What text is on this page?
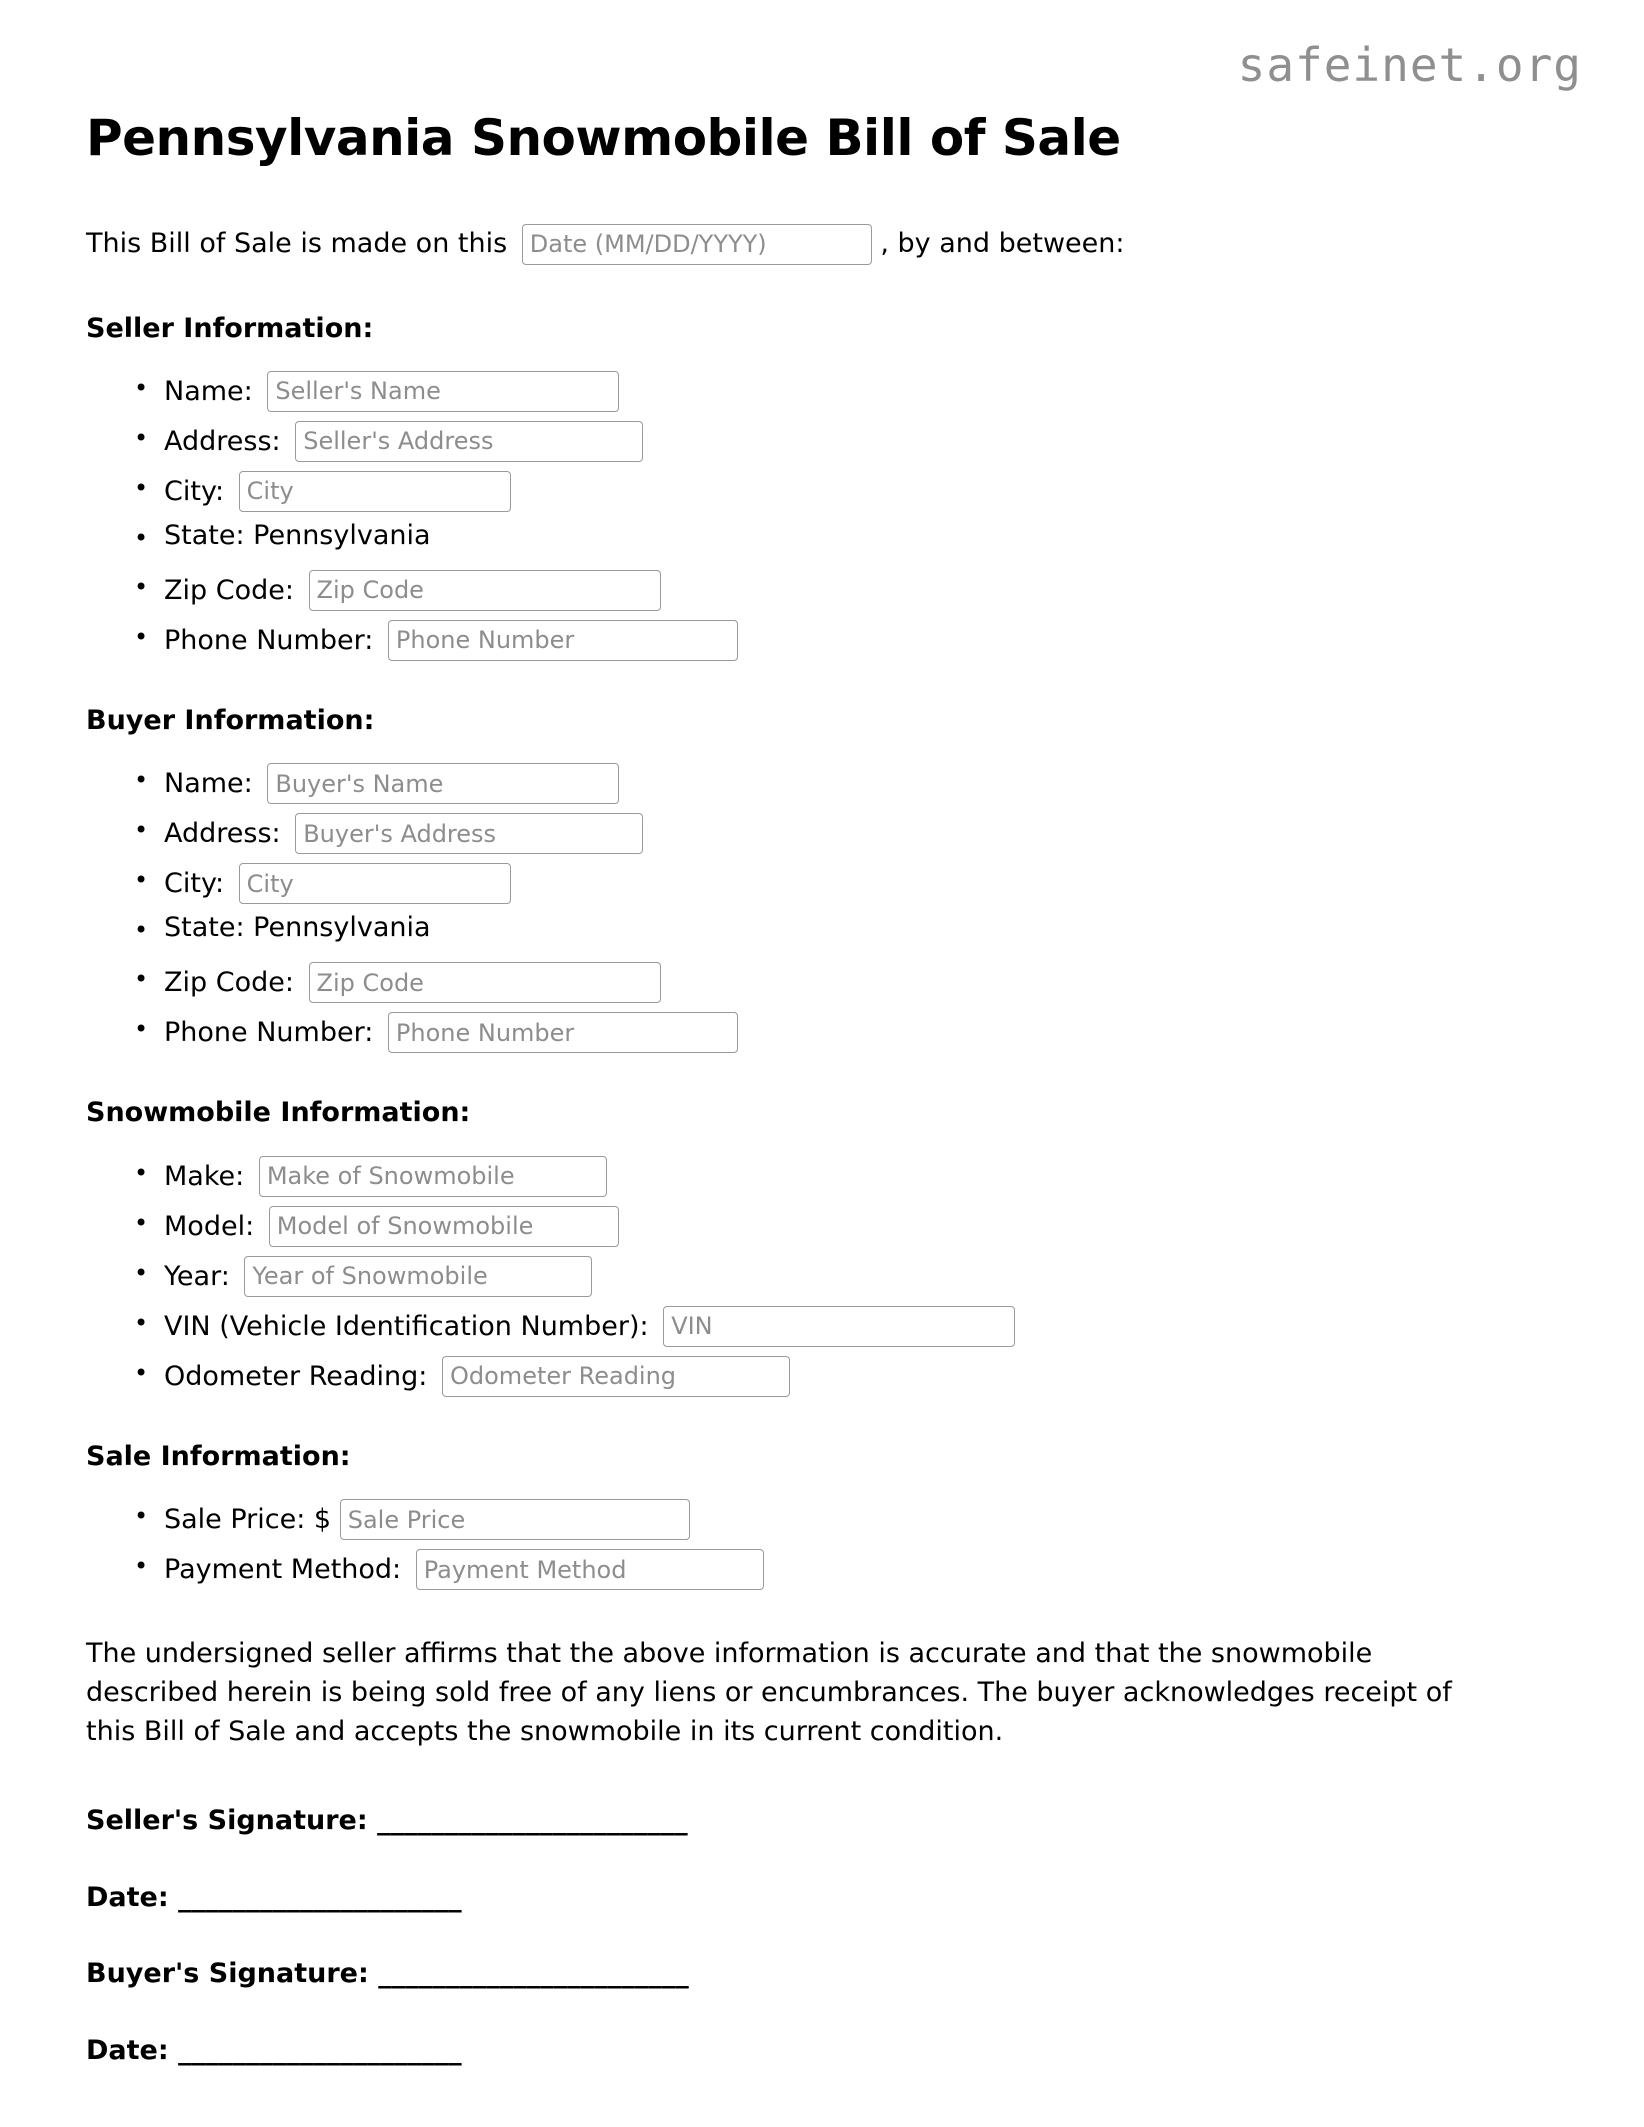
safeinet.org
Pennsylvania Snowmobile Bill of Sale

This Bill of Sale is made on this Date (MM/DD/YYYY)	, by and between:

Seller Information:
• Name: Seller's Name
• Address: Seller's Address
• City: City
• State: Pennsylvania
• Zip Code: Zip Code
• Phone Number: Phone Number
Buyer Information:
• Name: Buyer's Name
• Address: Buyer's Address
• City: City
• State: Pennsylvania
• Zip Code: Zip Code
• Phone Number: Phone Number
Snowmobile Information:
• Make: Make of Snowmobile
• Model: Model of Snowmobile
• Year: Year of Snowmobile
• VIN (Vehicle Identification Number): VIN
• Odometer Reading: Odometer Reading
Sale Information:
• Sale Price: $ Sale Price
• Payment Method: Payment Method

The undersigned seller affirms that the above information is accurate and that the snowmobile described herein is being sold free of any liens or encumbrances. The buyer acknowledges receipt of this Bill of Sale and accepts the snowmobile in its current condition.

Seller's Signature: _______________________
Date: _____________________
Buyer's Signature: _______________________
Date: _____________________
